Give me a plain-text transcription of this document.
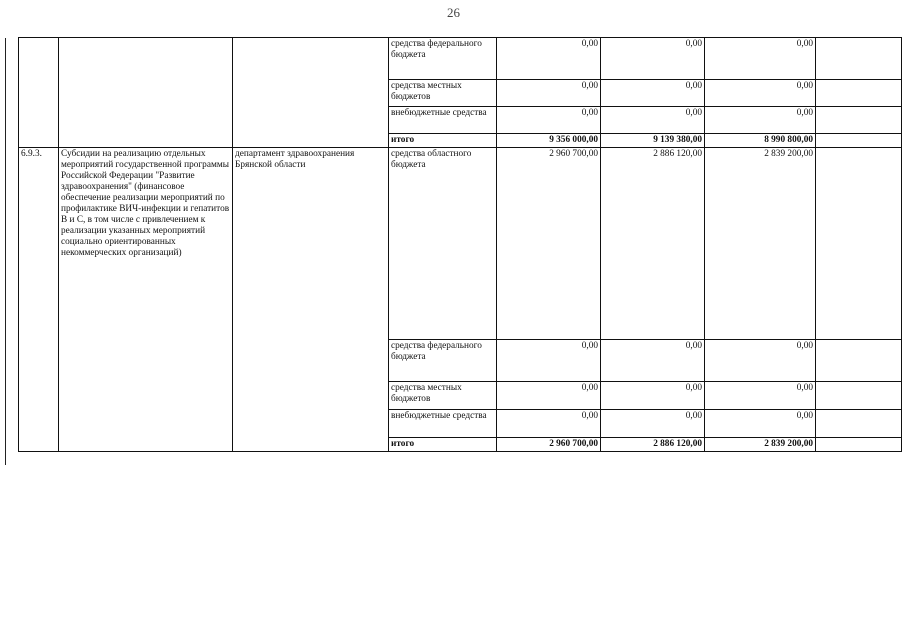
26
			средства федерального бюджета	0,00	0,00	0,00	
			средства местных бюджетов	0,00	0,00	0,00	
			внебюджетные средства	0,00	0,00	0,00	
			итого	9 356 000,00	9 139 380,00	8 990 800,00	
6.9.3.	Субсидии на реализацию отдельных мероприятий государственной программы Российской Федерации "Развитие здравоохранения" (финансовое обеспечение реализации мероприятий по профилактике ВИЧ-инфекции и гепатитов В и С, в том числе с привлечением к реализации указанных мероприятий социально ориентированных некоммерческих организаций)	департамент здравоохранения Брянской области	средства областного бюджета	2 960 700,00	2 886 120,00	2 839 200,00	
			средства федерального бюджета	0,00	0,00	0,00	
			средства местных бюджетов	0,00	0,00	0,00	
			внебюджетные средства	0,00	0,00	0,00	
			итого	2 960 700,00	2 886 120,00	2 839 200,00	
